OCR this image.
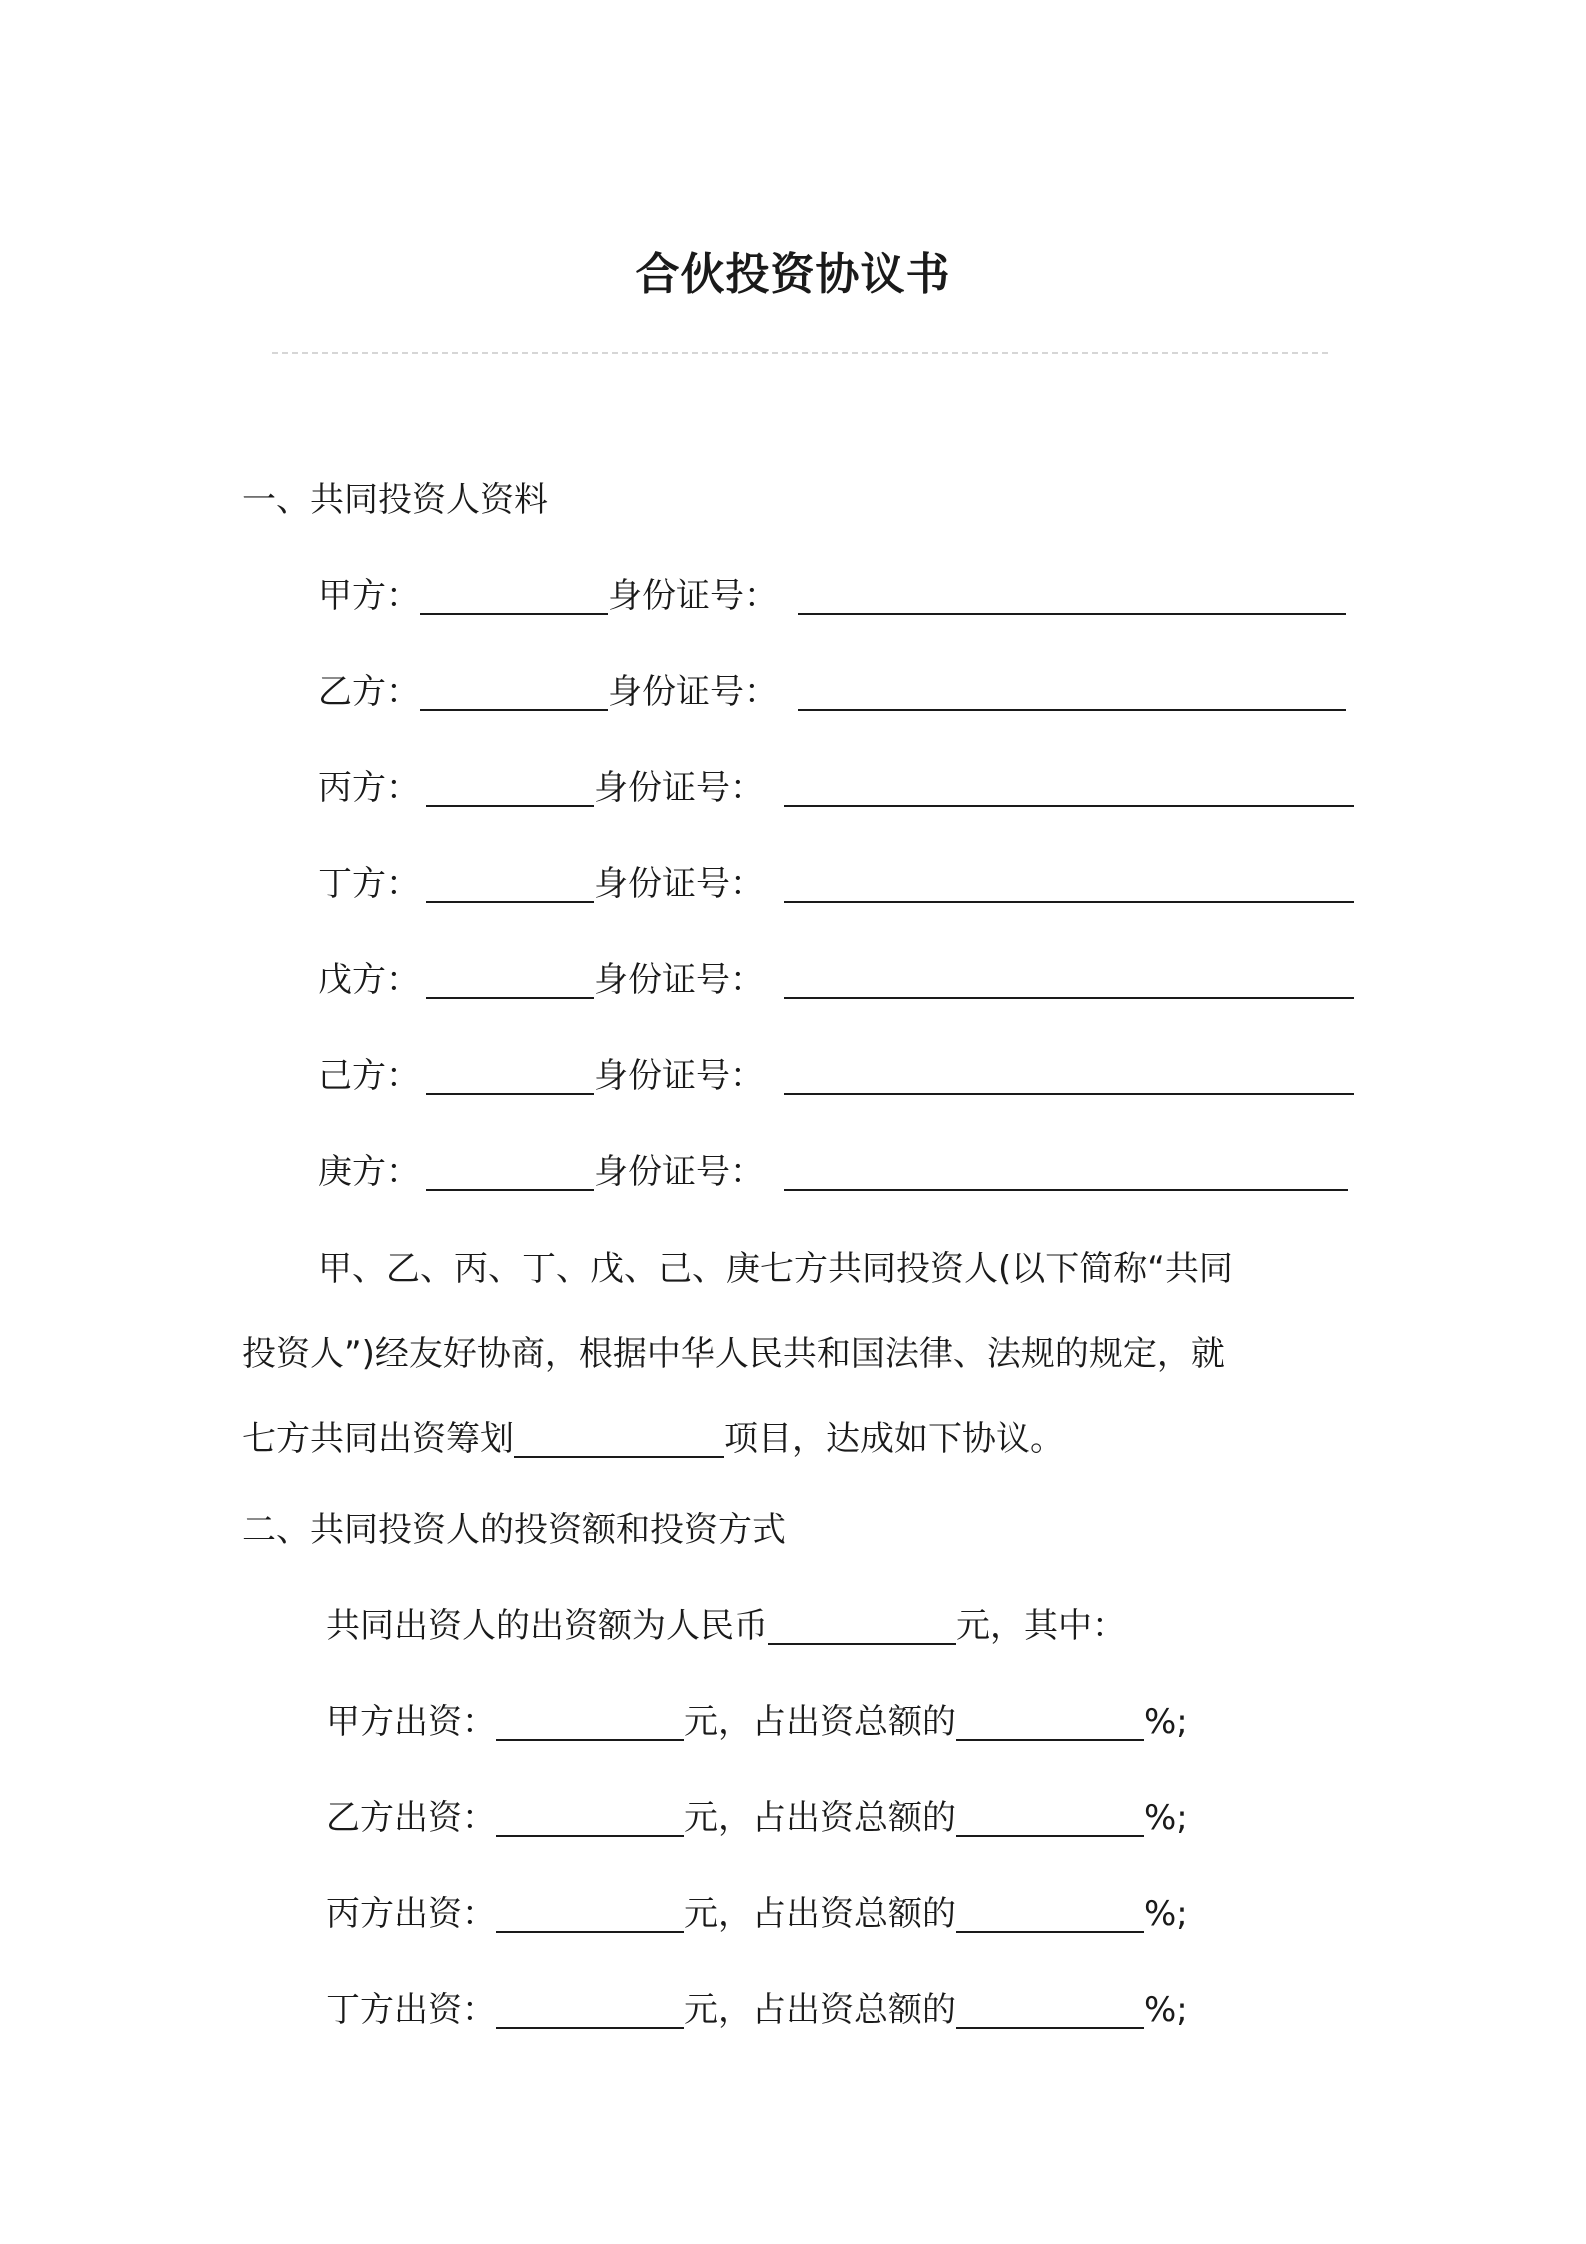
合伙投资协议书
一、共同投资人资料
甲方：	身份证号：
乙方：	身份证号：
丙方：	身份证号：
丁方：	身份证号：
戊方：	身份证号：
己方：	身份证号：
庚方：	身份证号：
甲、乙、丙、丁、戊、己、庚七方共同投资人(以下简称“共同
投资人”)经友好协商，根据中华人民共和国法律、法规的规定，就
七方共同出资筹划	项目，达成如下协议。
二、共同投资人的投资额和投资方式
共同出资人的出资额为人民币	元，其中：
甲方出资：	元，占出资总额的	%;
乙方出资：	元，占出资总额的	%;
丙方出资：	元，占出资总额的	%;
丁方出资：	元，占出资总额的	%;
